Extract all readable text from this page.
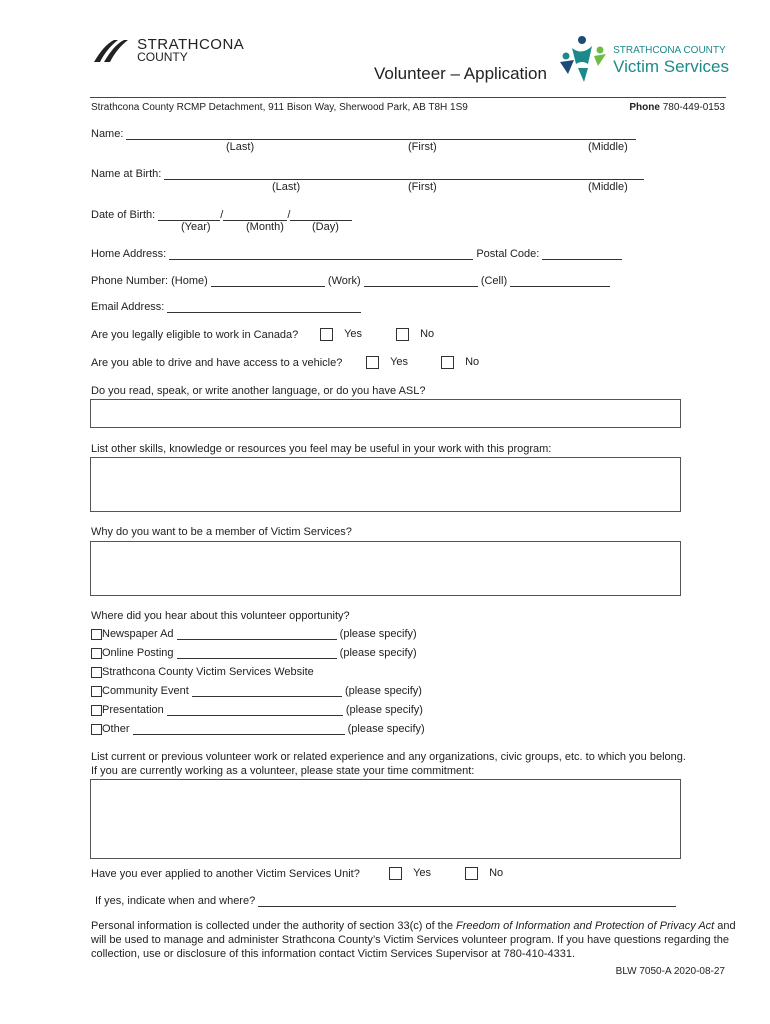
STRATHCONA
COUNTY
	STRATHCONA COUNTY
Victim Services
Volunteer – Application
Strathcona County RCMP Detachment, 911 Bison Way, Sherwood Park, AB T8H 1S9	Phone 780-449-0153
Name:
(Last)	(First)	(Middle)
Name at Birth:
(Last)	(First)	(Middle)
Date of Birth:	/	/
(Year)	(Month)	(Day)
Home Address:	Postal Code:
Phone Number: (Home)	(Work)	(Cell)
Email Address:
Are you legally eligible to work in Canada?	Yes	No
Are you able to drive and have access to a vehicle?	Yes	No
Do you read, speak, or write another language, or do you have ASL?
List other skills, knowledge or resources you feel may be useful in your work with this program:
Why do you want to be a member of Victim Services?
Where did you hear about this volunteer opportunity?
Newspaper Ad	(please specify)
Online Posting	(please specify)
Strathcona County Victim Services Website
Community Event	(please specify)
Presentation	(please specify)
Other	(please specify)
List current or previous volunteer work or related experience and any organizations, civic groups, etc. to which you belong. If you are currently working as a volunteer, please state your time commitment:
Have you ever applied to another Victim Services Unit?	Yes	No
If yes, indicate when and where?
Personal information is collected under the authority of section 33(c) of the Freedom of Information and Protection of Privacy Act and will be used to manage and administer Strathcona County’s Victim Services volunteer program. If you have questions regarding the collection, use or disclosure of this information contact Victim Services Supervisor at 780-410-4331.
BLW 7050-A 2020-08-27
